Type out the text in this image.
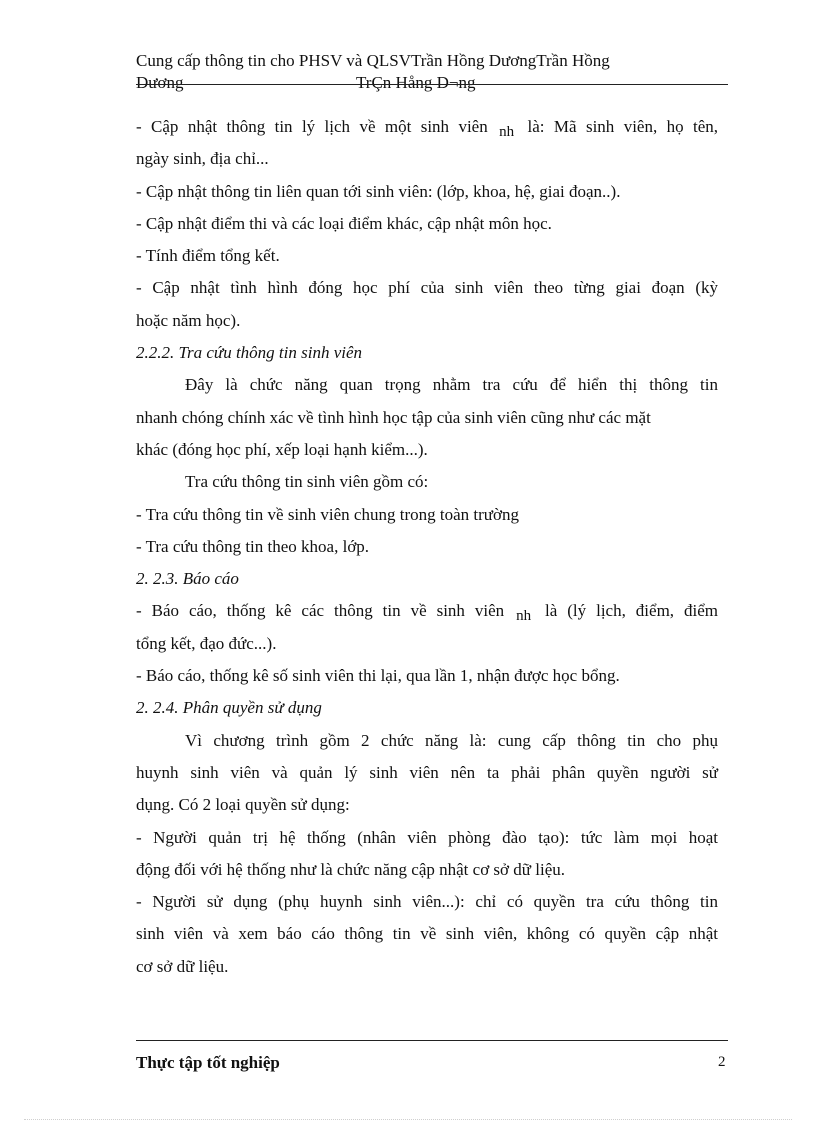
Cung cấp thông tin cho PHSV và QLSVTrần Hồng DươngTrần Hồng
Dương	TrÇn Hång D¬ng
- Cập nhật thông tin lý lịch về một sinh viên nh là: Mã sinh viên, họ tên,
ngày sinh, địa chỉ...
- Cập nhật thông tin liên quan tới sinh viên: (lớp, khoa, hệ, giai đoạn..).
- Cập nhật điểm thi và các loại điểm khác, cập nhật môn học.
- Tính điểm tổng kết.
- Cập nhật tình hình đóng học phí của sinh viên theo từng giai đoạn (kỳ
hoặc năm học).
2.2.2. Tra cứu thông tin sinh viên
Đây là chức năng quan trọng nhằm tra cứu để hiển thị thông tin
nhanh chóng chính xác về tình hình học tập của sinh viên cũng như các mặt
khác (đóng học phí, xếp loại hạnh kiểm...).
Tra cứu thông tin sinh viên gồm có:
- Tra cứu thông tin về sinh viên chung trong toàn trường
- Tra cứu thông tin theo khoa, lớp.
2. 2.3. Báo cáo
- Báo cáo, thống kê các thông tin về sinh viên nh là (lý lịch, điểm, điểm
tổng kết, đạo đức...).
- Báo cáo, thống kê số sinh viên thi lại, qua lần 1, nhận được học bổng.
2. 2.4. Phân quyền sử dụng
Vì chương trình gồm 2 chức năng là: cung cấp thông tin cho phụ
huynh sinh viên và quản lý sinh viên nên ta phải phân quyền người sử
dụng. Có 2 loại quyền sử dụng:
- Người quản trị hệ thống (nhân viên phòng đào tạo): tức làm mọi hoạt
động đối với hệ thống như là chức năng cập nhật cơ sở dữ liệu.
- Người sử dụng (phụ huynh sinh viên...): chỉ có quyền tra cứu thông tin
sinh viên và xem báo cáo thông tin về sinh viên, không có quyền cập nhật
cơ sở dữ liệu.
Thực tập tốt nghiệp	2
